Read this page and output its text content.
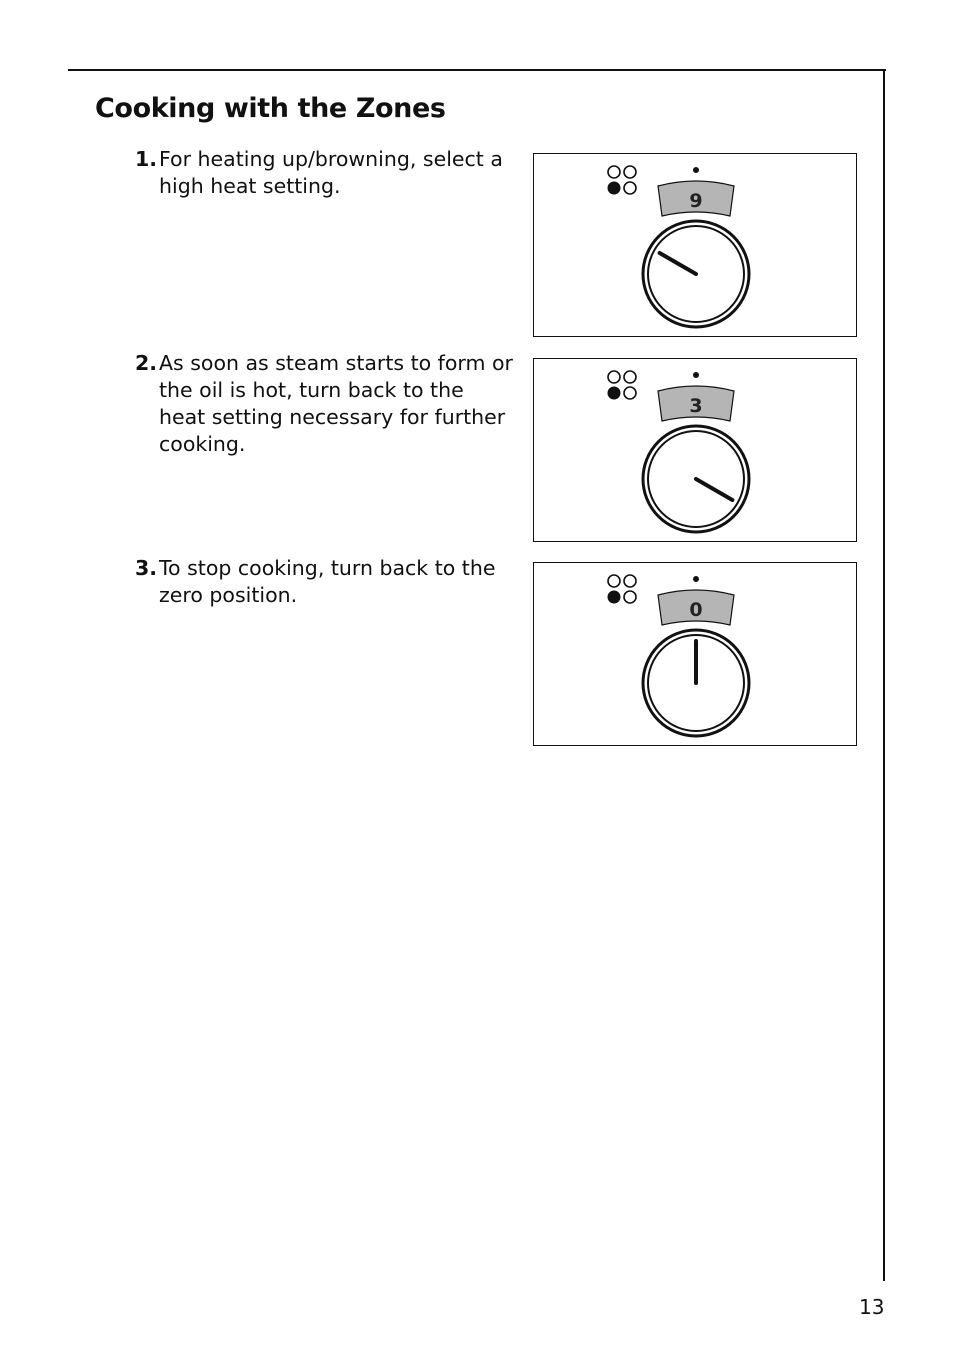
Cooking with the Zones
1. For heating up/browning, select a high heat setting.
2. As soon as steam starts to form or the oil is hot, turn back to the heat setting necessary for further cooking.
3. To stop cooking, turn back to the zero position.
9
3
0
13
